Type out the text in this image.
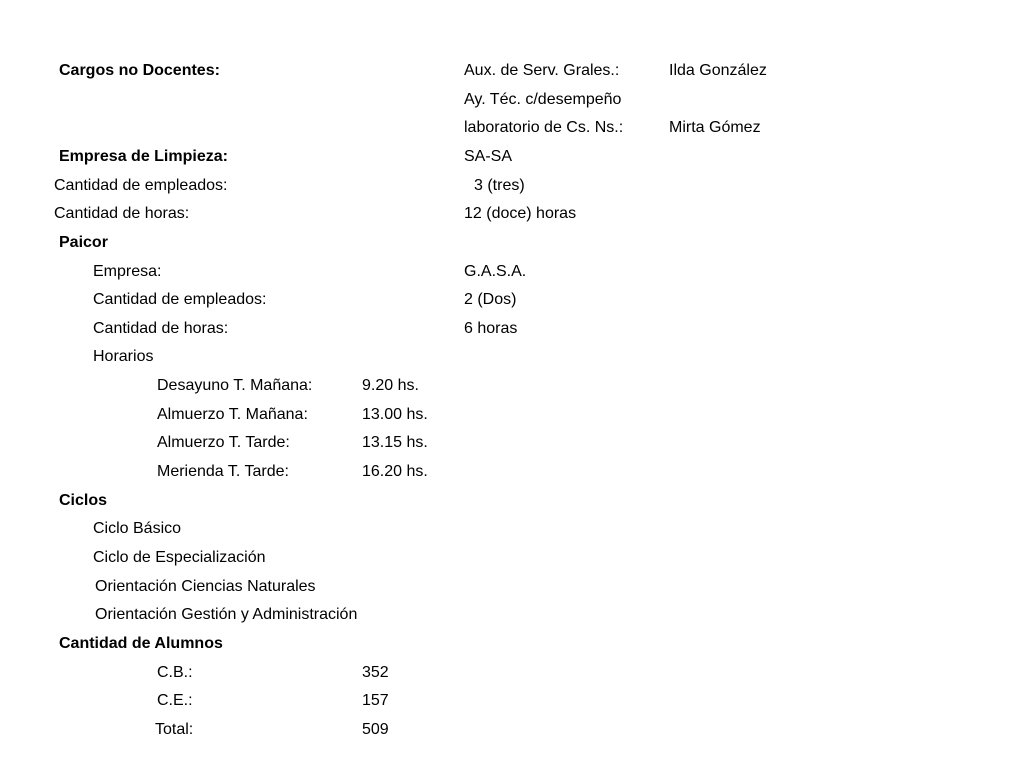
Cargos no Docentes:	Aux. de Serv. Grales.:	Ilda González
Ay. Téc. c/desempeño
laboratorio de Cs. Ns.:	Mirta Gómez
Empresa de Limpieza:	SA-SA
Cantidad de empleados:	3 (tres)
Cantidad de horas:	12 (doce) horas
Paicor
Empresa:	G.A.S.A.
Cantidad de empleados:	2 (Dos)
Cantidad de horas:	6 horas
Horarios
Desayuno T. Mañana:	9.20 hs.
Almuerzo T. Mañana:	13.00 hs.
Almuerzo T. Tarde:	13.15 hs.
Merienda T. Tarde:	16.20 hs.
Ciclos
Ciclo Básico
Ciclo de Especialización
Orientación Ciencias Naturales
Orientación Gestión y Administración
Cantidad de Alumnos
C.B.:	352
C.E.:	157
Total:	509
